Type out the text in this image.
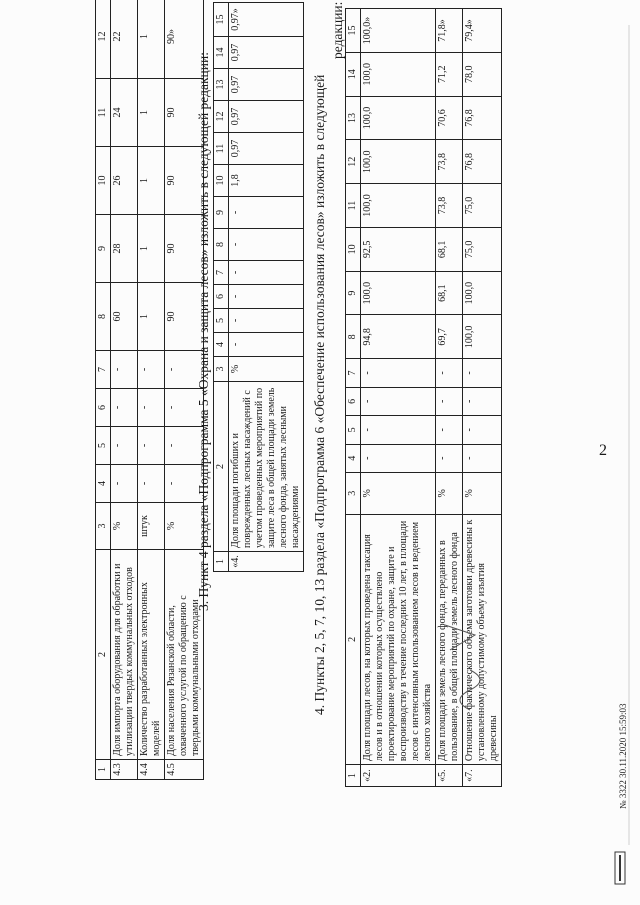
2
1	2	3	4	5	6	7	8	9	10	11	12
4.3	Доля импорта оборудования для обработки и утилизации твердых коммунальных отходов	%	-	-	-	-	60	28	26	24	22
4.4	Количество разработанных электронных моделей	штук	-	-	-	-	1	1	1	1	1
4.5	Доля населения Рязанской области, охваченного услугой по обращению с твердыми коммунальными отходами	%	-	-	-	-	90	90	90	90	90»
3. Пункт 4 раздела «Подпрограмма 5 «Охрана и защита лесов» изложить в следующей редакции: 1	2	3	4	5	6	7	8	9	10	11	12	13	14	15
«4.	Доля площади погибших и поврежденных лесных насаждений с учетом проведенных мероприятий по защите леса в общей площади земель лесного фонда, занятых лесными насаждениями	%	-	-	-	-	-	-	1,8	0,97	0,97	0,97	0,97	0,97»
4. Пункты 2, 5, 7, 10, 13 раздела «Подпрограмма 6 «Обеспечение использования лесов» изложить в следующей
редакции:
1	2	3	4	5	6	7	8	9	10	11	12	13	14	15
«2.	Доля площади лесов, на которых проведена таксация лесов и в отношении которых осуществлено проектирование мероприятий по охране, защите и воспроизводству в течение последних 10 лет, в площади лесов с интенсивным использованием лесов и ведением лесного хозяйства	%	-	-	-	-	94,8	100,0	92,5	100,0	100,0	100,0	100,0	100,0»
«5.	Доля площади земель лесного фонда, переданных в пользование, в общей площади земель лесного фонда	%	-	-	-	-	69,7	68,1	68,1	73,8	73,8	70,6	71,2	71,8»
«7.	Отношение фактического объема заготовки древесины к установленному допустимому объему изъятия древесины	%	-	-	-	-	100,0	100,0	75,0	75,0	76,8	76,8	78,0	79,4»
№ 3322 30.11.2020 15:59:03
